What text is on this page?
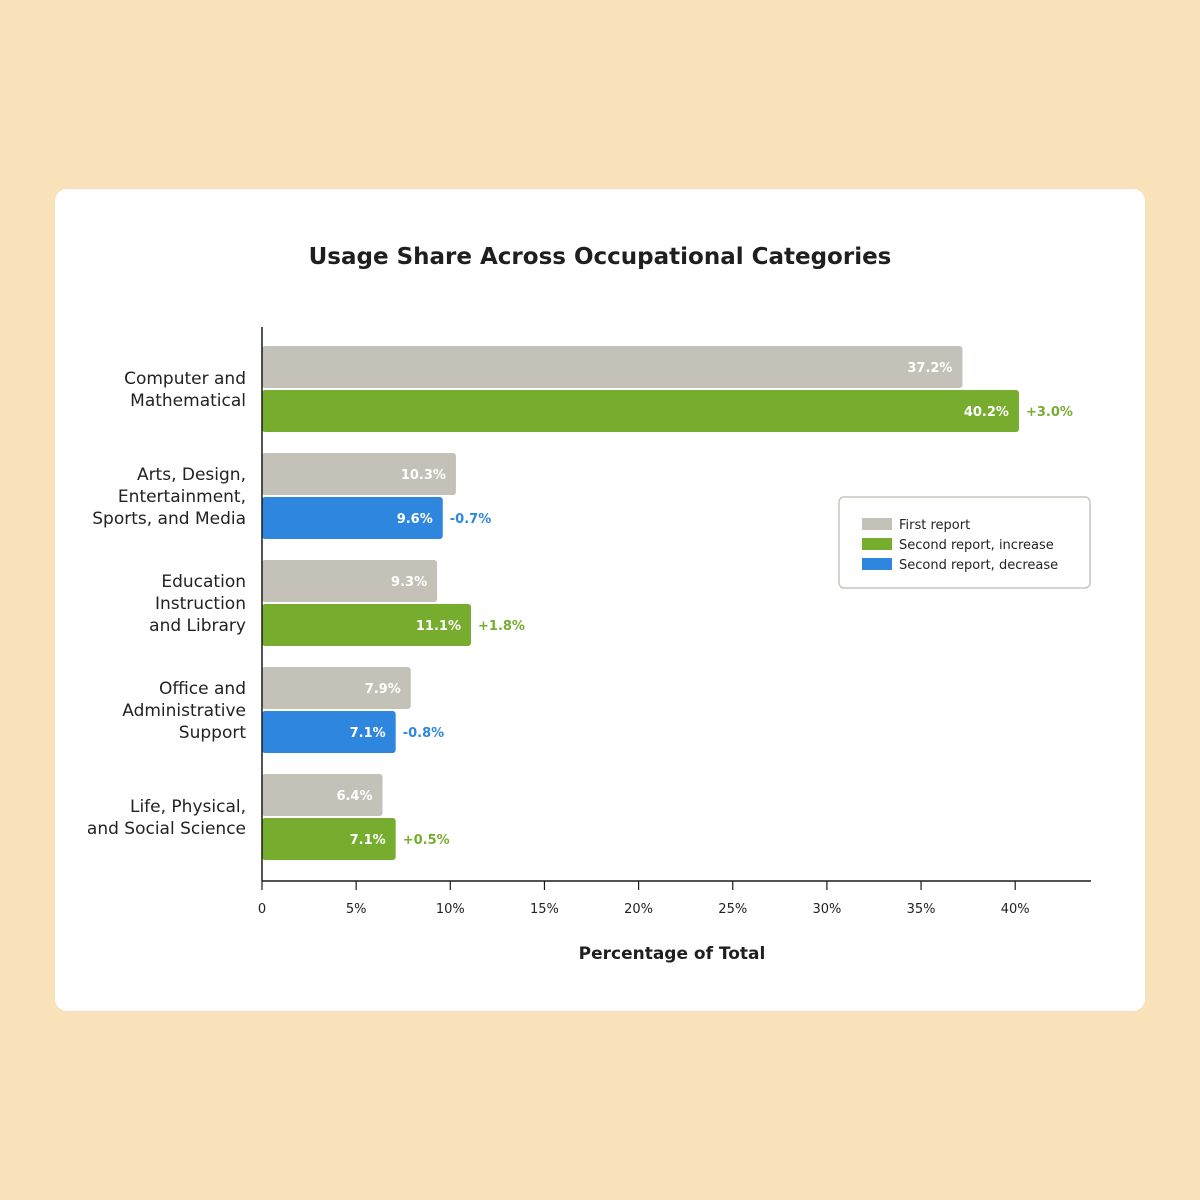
Usage Share Across Occupational Categories
37.2%
40.2% +3.0%
10.3%
9.6% -0.7%
9.3%
11.1% +1.8%
7.9%
7.1% -0.8%
6.4%
7.1% +0.5%
Computer and Mathematical
Arts, Design, Entertainment, Sports, and Media
Education Instruction and Library
Office and Administrative Support
Life, Physical, and Social Science
0	5%	10%	15%	20%	25%	30%	35%	40%
Percentage of Total
First report
Second report, increase
Second report, decrease
